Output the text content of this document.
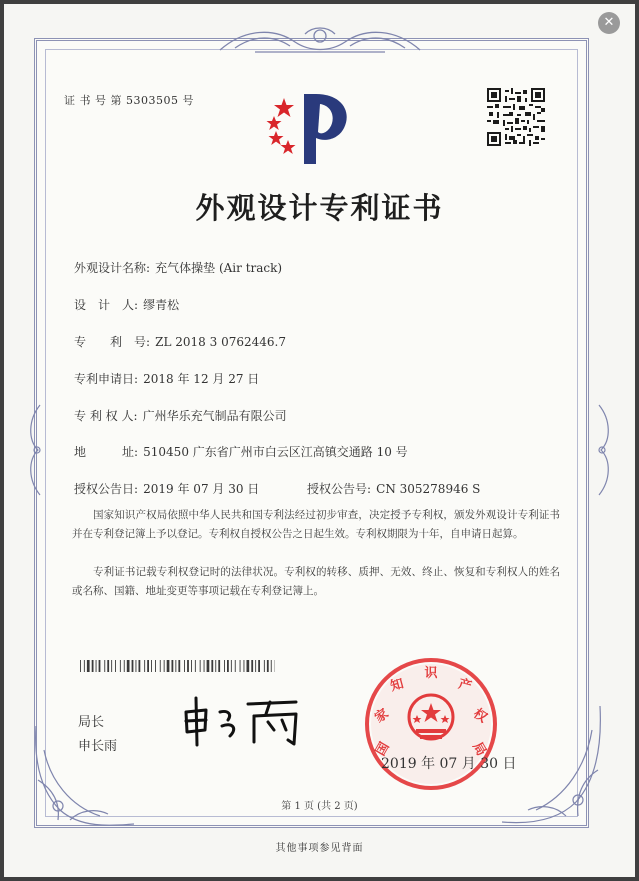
✕
证 书 号 第 5303505 号
外观设计专利证书
外观设计名称: 充气体操垫 (Air track)
设　计　人: 缪青松
专　　利　号: ZL 2018 3 0762446.7
专利申请日: 2018 年 12 月 27 日
专 利 权 人: 广州华乐充气制品有限公司
地　　　址: 510450 广东省广州市白云区江高镇交通路 10 号
授权公告日: 2019 年 07 月 30 日	授权公告号: CN 305278946 S
国家知识产权局依照中华人民共和国专利法经过初步审查，决定授予专利权，颁发外观设计专利证书并在专利登记簿上予以登记。专利权自授权公告之日起生效。专利权期限为十年，自申请日起算。
专利证书记载专利权登记时的法律状况。专利权的转移、质押、无效、终止、恢复和专利权人的姓名或名称、国籍、地址变更等事项记载在专利登记簿上。
局长
申长雨	国
家
知
识
产
权
局
2019 年 07 月 30 日
第 1 页 (共 2 页)
其他事项参见背面
